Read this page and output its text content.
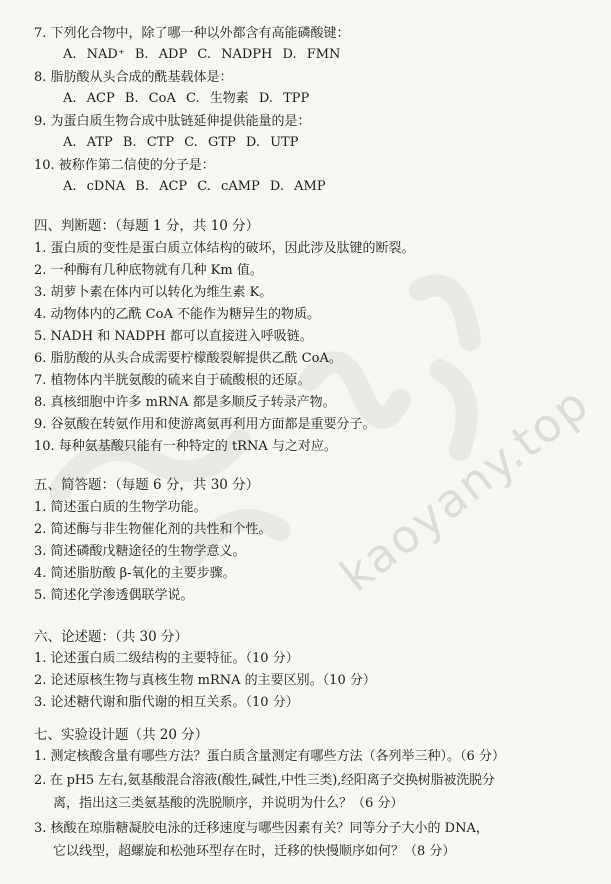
kaoyany.top
7. 下列化合物中，除了哪一种以外都含有高能磷酸键：
A. NAD⁺ B. ADP C. NADPH D. FMN
8. 脂肪酸从头合成的酰基载体是：
A. ACP B. CoA C. 生物素 D. TPP
9. 为蛋白质生物合成中肽链延伸提供能量的是：
A. ATP B. CTP C. GTP D. UTP
10. 被称作第二信使的分子是：
A. cDNA B. ACP C. cAMP D. AMP
四、判断题：（每题 1 分，共 10 分）
1. 蛋白质的变性是蛋白质立体结构的破坏，因此涉及肽键的断裂。
2. 一种酶有几种底物就有几种 Km 值。
3. 胡萝卜素在体内可以转化为维生素 K。
4. 动物体内的乙酰 CoA 不能作为糖异生的物质。
5. NADH 和 NADPH 都可以直接进入呼吸链。
6. 脂肪酸的从头合成需要柠檬酸裂解提供乙酰 CoA。
7. 植物体内半胱氨酸的硫来自于硫酸根的还原。
8. 真核细胞中许多 mRNA 都是多顺反子转录产物。
9. 谷氨酸在转氨作用和使游离氨再利用方面都是重要分子。
10. 每种氨基酸只能有一种特定的 tRNA 与之对应。
五、简答题：（每题 6 分，共 30 分）
1. 简述蛋白质的生物学功能。
2. 简述酶与非生物催化剂的共性和个性。
3. 简述磷酸戊糖途径的生物学意义。
4. 简述脂肪酸 β-氧化的主要步骤。
5. 简述化学渗透偶联学说。
六、论述题：（共 30 分）
1. 论述蛋白质二级结构的主要特征。（10 分）
2. 论述原核生物与真核生物 mRNA 的主要区别。（10 分）
3. 论述糖代谢和脂代谢的相互关系。（10 分）
七、实验设计题（共 20 分）
1. 测定核酸含量有哪些方法？蛋白质含量测定有哪些方法（各列举三种）。（6 分）
2. 在 pH5 左右,氨基酸混合溶液(酸性,碱性,中性三类),经阳离子交换树脂被洗脱分
离，指出这三类氨基酸的洗脱顺序，并说明为什么？（6 分）
3. 核酸在琼脂糖凝胶电泳的迁移速度与哪些因素有关？同等分子大小的 DNA，
它以线型，超螺旋和松弛环型存在时，迁移的快慢顺序如何？（8 分）
